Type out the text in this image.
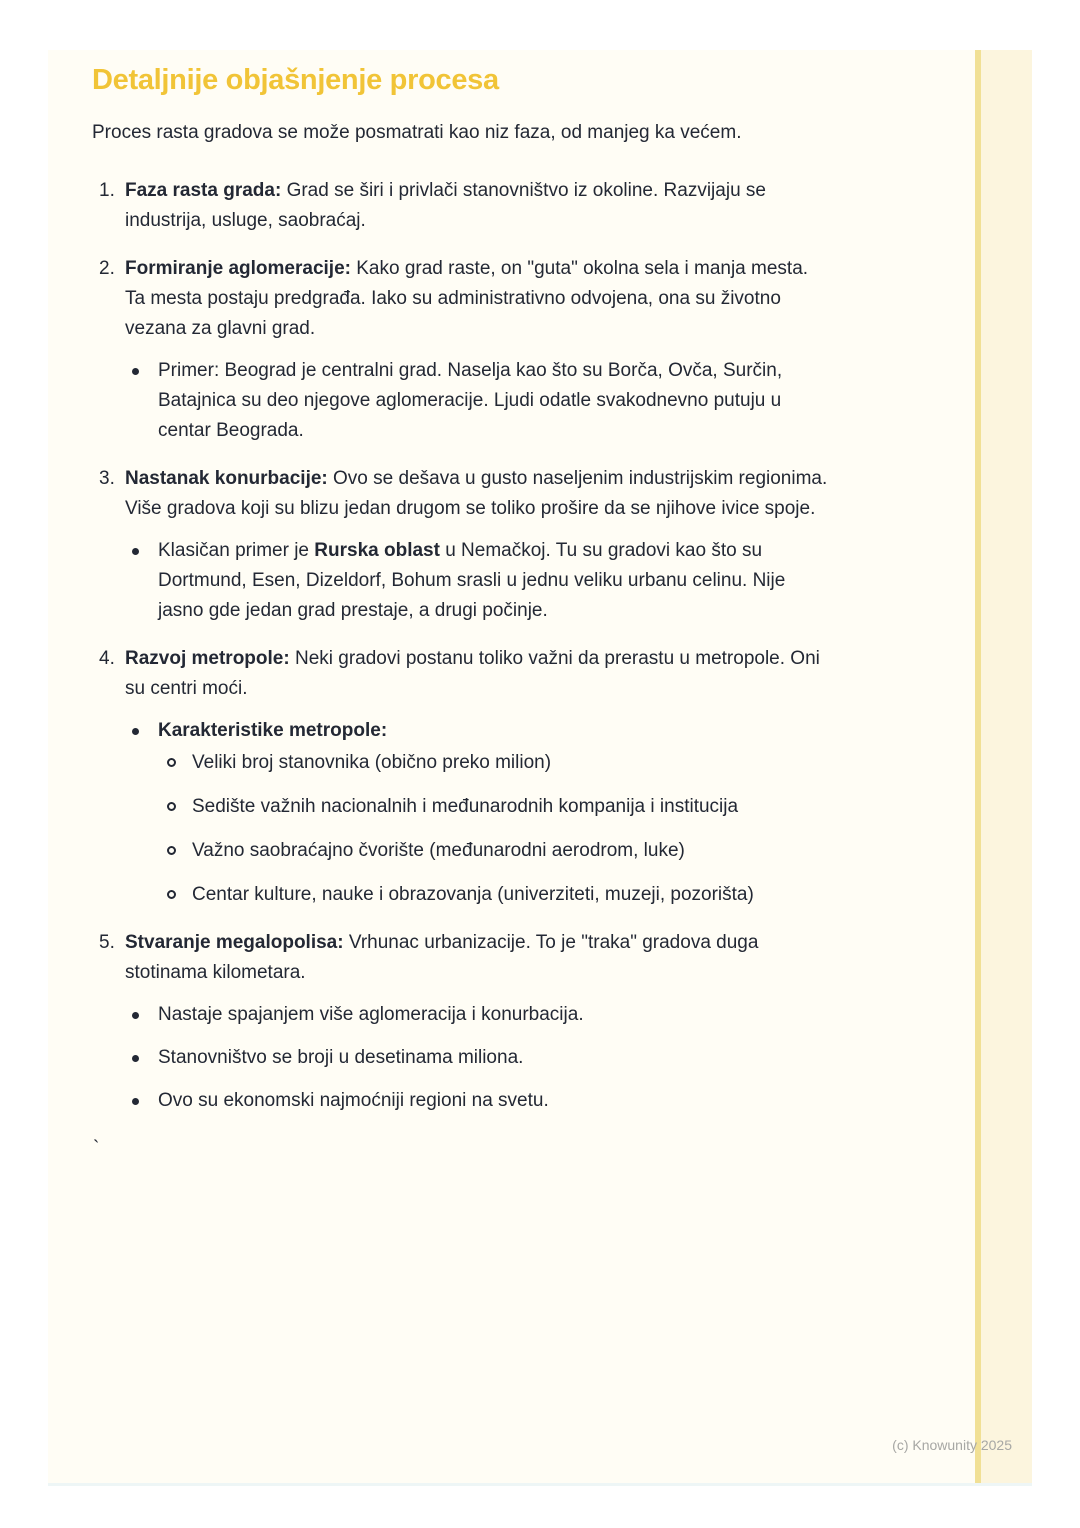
Detaljnije objašnjenje procesa

Proces rasta gradova se može posmatrati kao niz faza, od manjeg ka većem.

1. Faza rasta grada: Grad se širi i privlači stanovništvo iz okoline. Razvijaju se industrija, usluge, saobraćaj.
2. Formiranje aglomeracije: Kako grad raste, on "guta" okolna sela i manja mesta. Ta mesta postaju predgrađa. Iako su administrativno odvojena, ona su životno vezana za glavni grad.
Primer: Beograd je centralni grad. Naselja kao što su Borča, Ovča, Surčin, Batajnica su deo njegove aglomeracije. Ljudi odatle svakodnevno putuju u centar Beograda.
3. Nastanak konurbacije: Ovo se dešava u gusto naseljenim industrijskim regionima. Više gradova koji su blizu jedan drugom se toliko prošire da se njihove ivice spoje.
Klasičan primer je Rurska oblast u Nemačkoj. Tu su gradovi kao što su Dortmund, Esen, Dizeldorf, Bohum srasli u jednu veliku urbanu celinu. Nije jasno gde jedan grad prestaje, a drugi počinje.
4. Razvoj metropole: Neki gradovi postanu toliko važni da prerastu u metropole. Oni su centri moći.
Karakteristike metropole:
Veliki broj stanovnika (obično preko milion)
Sedište važnih nacionalnih i međunarodnih kompanija i institucija
Važno saobraćajno čvorište (međunarodni aerodrom, luke)
Centar kulture, nauke i obrazovanja (univerziteti, muzeji, pozorišta)
5. Stvaranje megalopolisa: Vrhunac urbanizacije. To je "traka" gradova duga stotinama kilometara.
Nastaje spajanjem više aglomeracija i konurbacija.
Stanovništvo se broji u desetinama miliona.
Ovo su ekonomski najmoćniji regioni na svetu.
`
(c) Knowunity 2025
